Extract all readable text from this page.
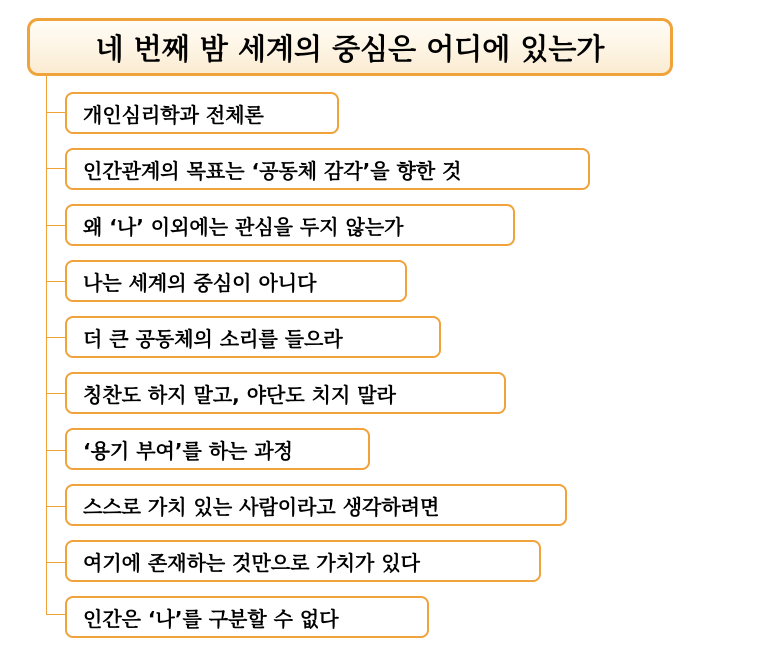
네 번째 밤 세계의 중심은 어디에 있는가
개인심리학과 전체론
인간관계의 목표는 ‘공동체 감각’을 향한 것
왜 ‘나’ 이외에는 관심을 두지 않는가
나는 세계의 중심이 아니다
더 큰 공동체의 소리를 들으라
칭찬도 하지 말고, 야단도 치지 말라
‘용기 부여’를 하는 과정
스스로 가치 있는 사람이라고 생각하려면
여기에 존재하는 것만으로 가치가 있다
인간은 ‘나’를 구분할 수 없다
